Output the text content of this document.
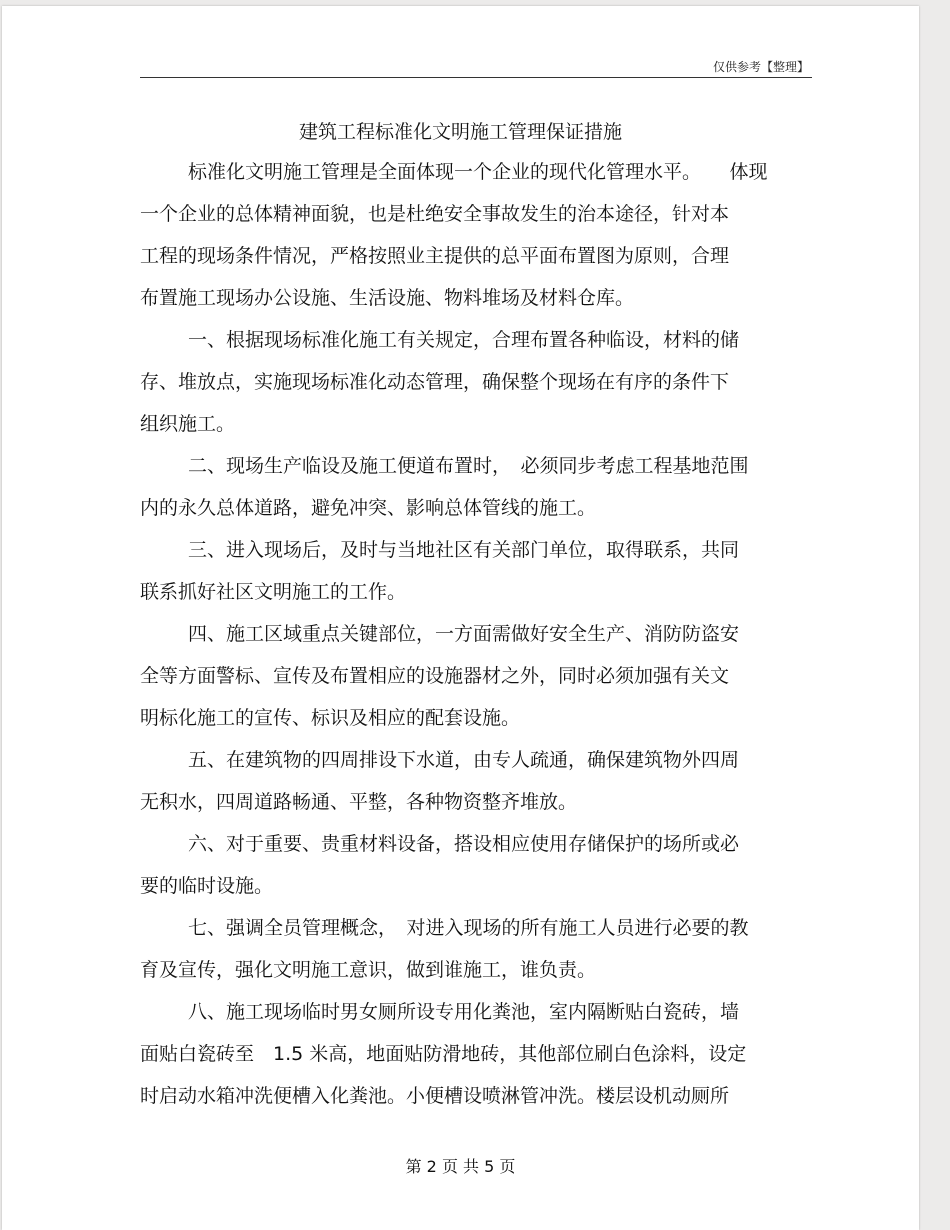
仅供参考【整理】
建筑工程标准化文明施工管理保证措施
标准化文明施工管理是全面体现一个企业的现代化管理水平。　　体现
一个企业的总体精神面貌，也是杜绝安全事故发生的治本途径，针对本
工程的现场条件情况，严格按照业主提供的总平面布置图为原则，合理
布置施工现场办公设施、生活设施、物料堆场及材料仓库。
一、根据现场标准化施工有关规定，合理布置各种临设，材料的储
存、堆放点，实施现场标准化动态管理，确保整个现场在有序的条件下
组织施工。
二、现场生产临设及施工便道布置时，　必须同步考虑工程基地范围
内的永久总体道路，避免冲突、影响总体管线的施工。
三、进入现场后，及时与当地社区有关部门单位，取得联系，共同
联系抓好社区文明施工的工作。
四、施工区域重点关键部位，一方面需做好安全生产、消防防盗安
全等方面警标、宣传及布置相应的设施器材之外，同时必须加强有关文
明标化施工的宣传、标识及相应的配套设施。
五、在建筑物的四周排设下水道，由专人疏通，确保建筑物外四周
无积水，四周道路畅通、平整，各种物资整齐堆放。
六、对于重要、贵重材料设备，搭设相应使用存储保护的场所或必
要的临时设施。
七、强调全员管理概念，　对进入现场的所有施工人员进行必要的教
育及宣传，强化文明施工意识，做到谁施工，谁负责。
八、施工现场临时男女厕所设专用化粪池，室内隔断贴白瓷砖，墙
面贴白瓷砖至　1.5 米高，地面贴防滑地砖，其他部位刷白色涂料，设定
时启动水箱冲洗便槽入化粪池。小便槽设喷淋管冲洗。楼层设机动厕所
第 2 页 共 5 页
